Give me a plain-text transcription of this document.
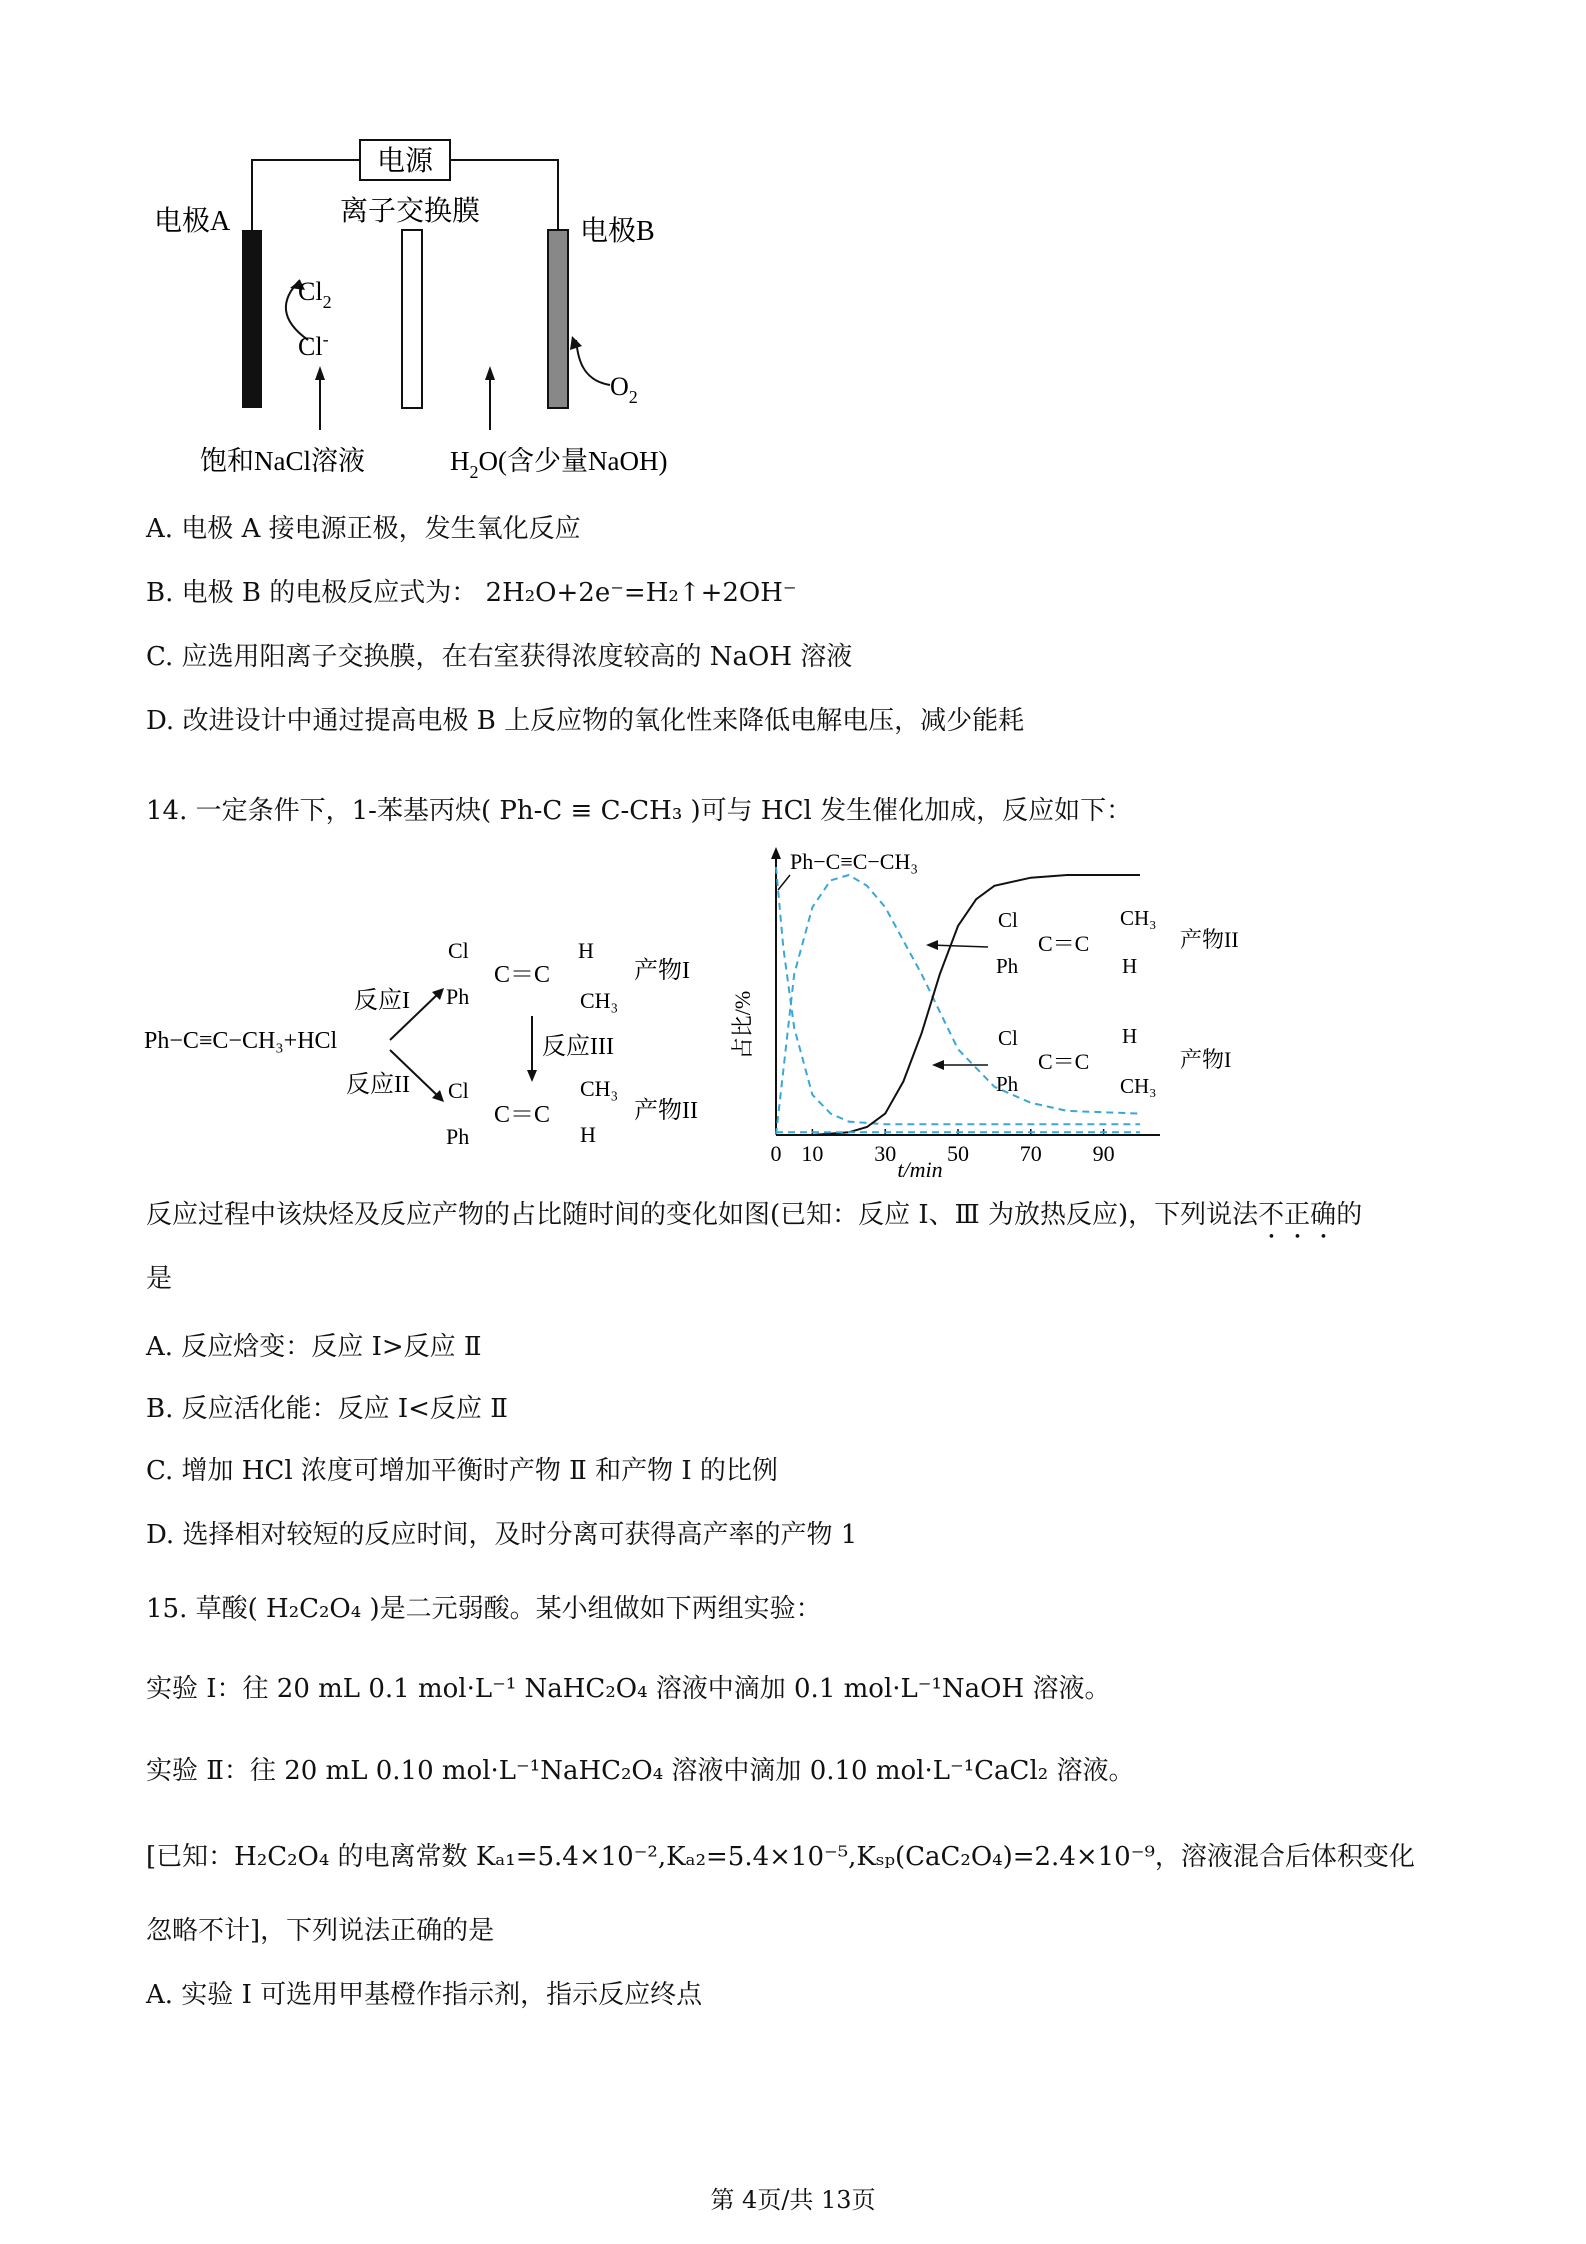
电源
离子交换膜
电极A	电极B
$Cl_2$
Cl-
$O_2$
饱和NaCl溶液	$H_2O$(含少量NaOH)
A. 电极 A 接电源正极，发生氧化反应
B. 电极 B 的电极反应式为： 2H₂O+2e⁻=H₂↑+2OH⁻
C. 应选用阳离子交换膜，在右室获得浓度较高的 NaOH 溶液
D. 改进设计中通过提高电极 B 上反应物的氧化性来降低电解电压，减少能耗
14. 一定条件下，1-苯基丙炔( Ph-C ≡ C-CH₃ )可与 HCl 发生催化加成，反应如下：
Ph−C≡C−CH₃+HCl
反应I
反应II
Cl
Ph
C＝C
H
CH₃
产物I
反应III
Cl
Ph
C＝C
CH₃
H
产物II
0 10 30 50 70 90
占比/%
t/min
Ph−C≡C−CH₃
Cl
Ph
C＝C
CH₃
H
产物II
Cl
Ph
C＝C
H
CH₃
产物I
反应过程中该炔烃及反应产物的占比随时间的变化如图(已知：反应 I、Ⅲ 为放热反应)，下列说法不正确的
是
A. 反应焓变：反应 I>反应 Ⅱ
B. 反应活化能：反应 I<反应 Ⅱ
C. 增加 HCl 浓度可增加平衡时产物 Ⅱ 和产物 I 的比例
D. 选择相对较短的反应时间，及时分离可获得高产率的产物 1
15. 草酸( H₂C₂O₄ )是二元弱酸。某小组做如下两组实验：
实验 I：往 20 mL 0.1 mol·L⁻¹ NaHC₂O₄ 溶液中滴加 0.1 mol·L⁻¹NaOH 溶液。
实验 Ⅱ：往 20 mL 0.10 mol·L⁻¹NaHC₂O₄ 溶液中滴加 0.10 mol·L⁻¹CaCl₂ 溶液。
[已知：H₂C₂O₄ 的电离常数 Kₐ₁=5.4×10⁻²,Kₐ₂=5.4×10⁻⁵,Kₛₚ(CaC₂O₄)=2.4×10⁻⁹，溶液混合后体积变化
忽略不计]，下列说法正确的是
A. 实验 I 可选用甲基橙作指示剂，指示反应终点
第 4页/共 13页
